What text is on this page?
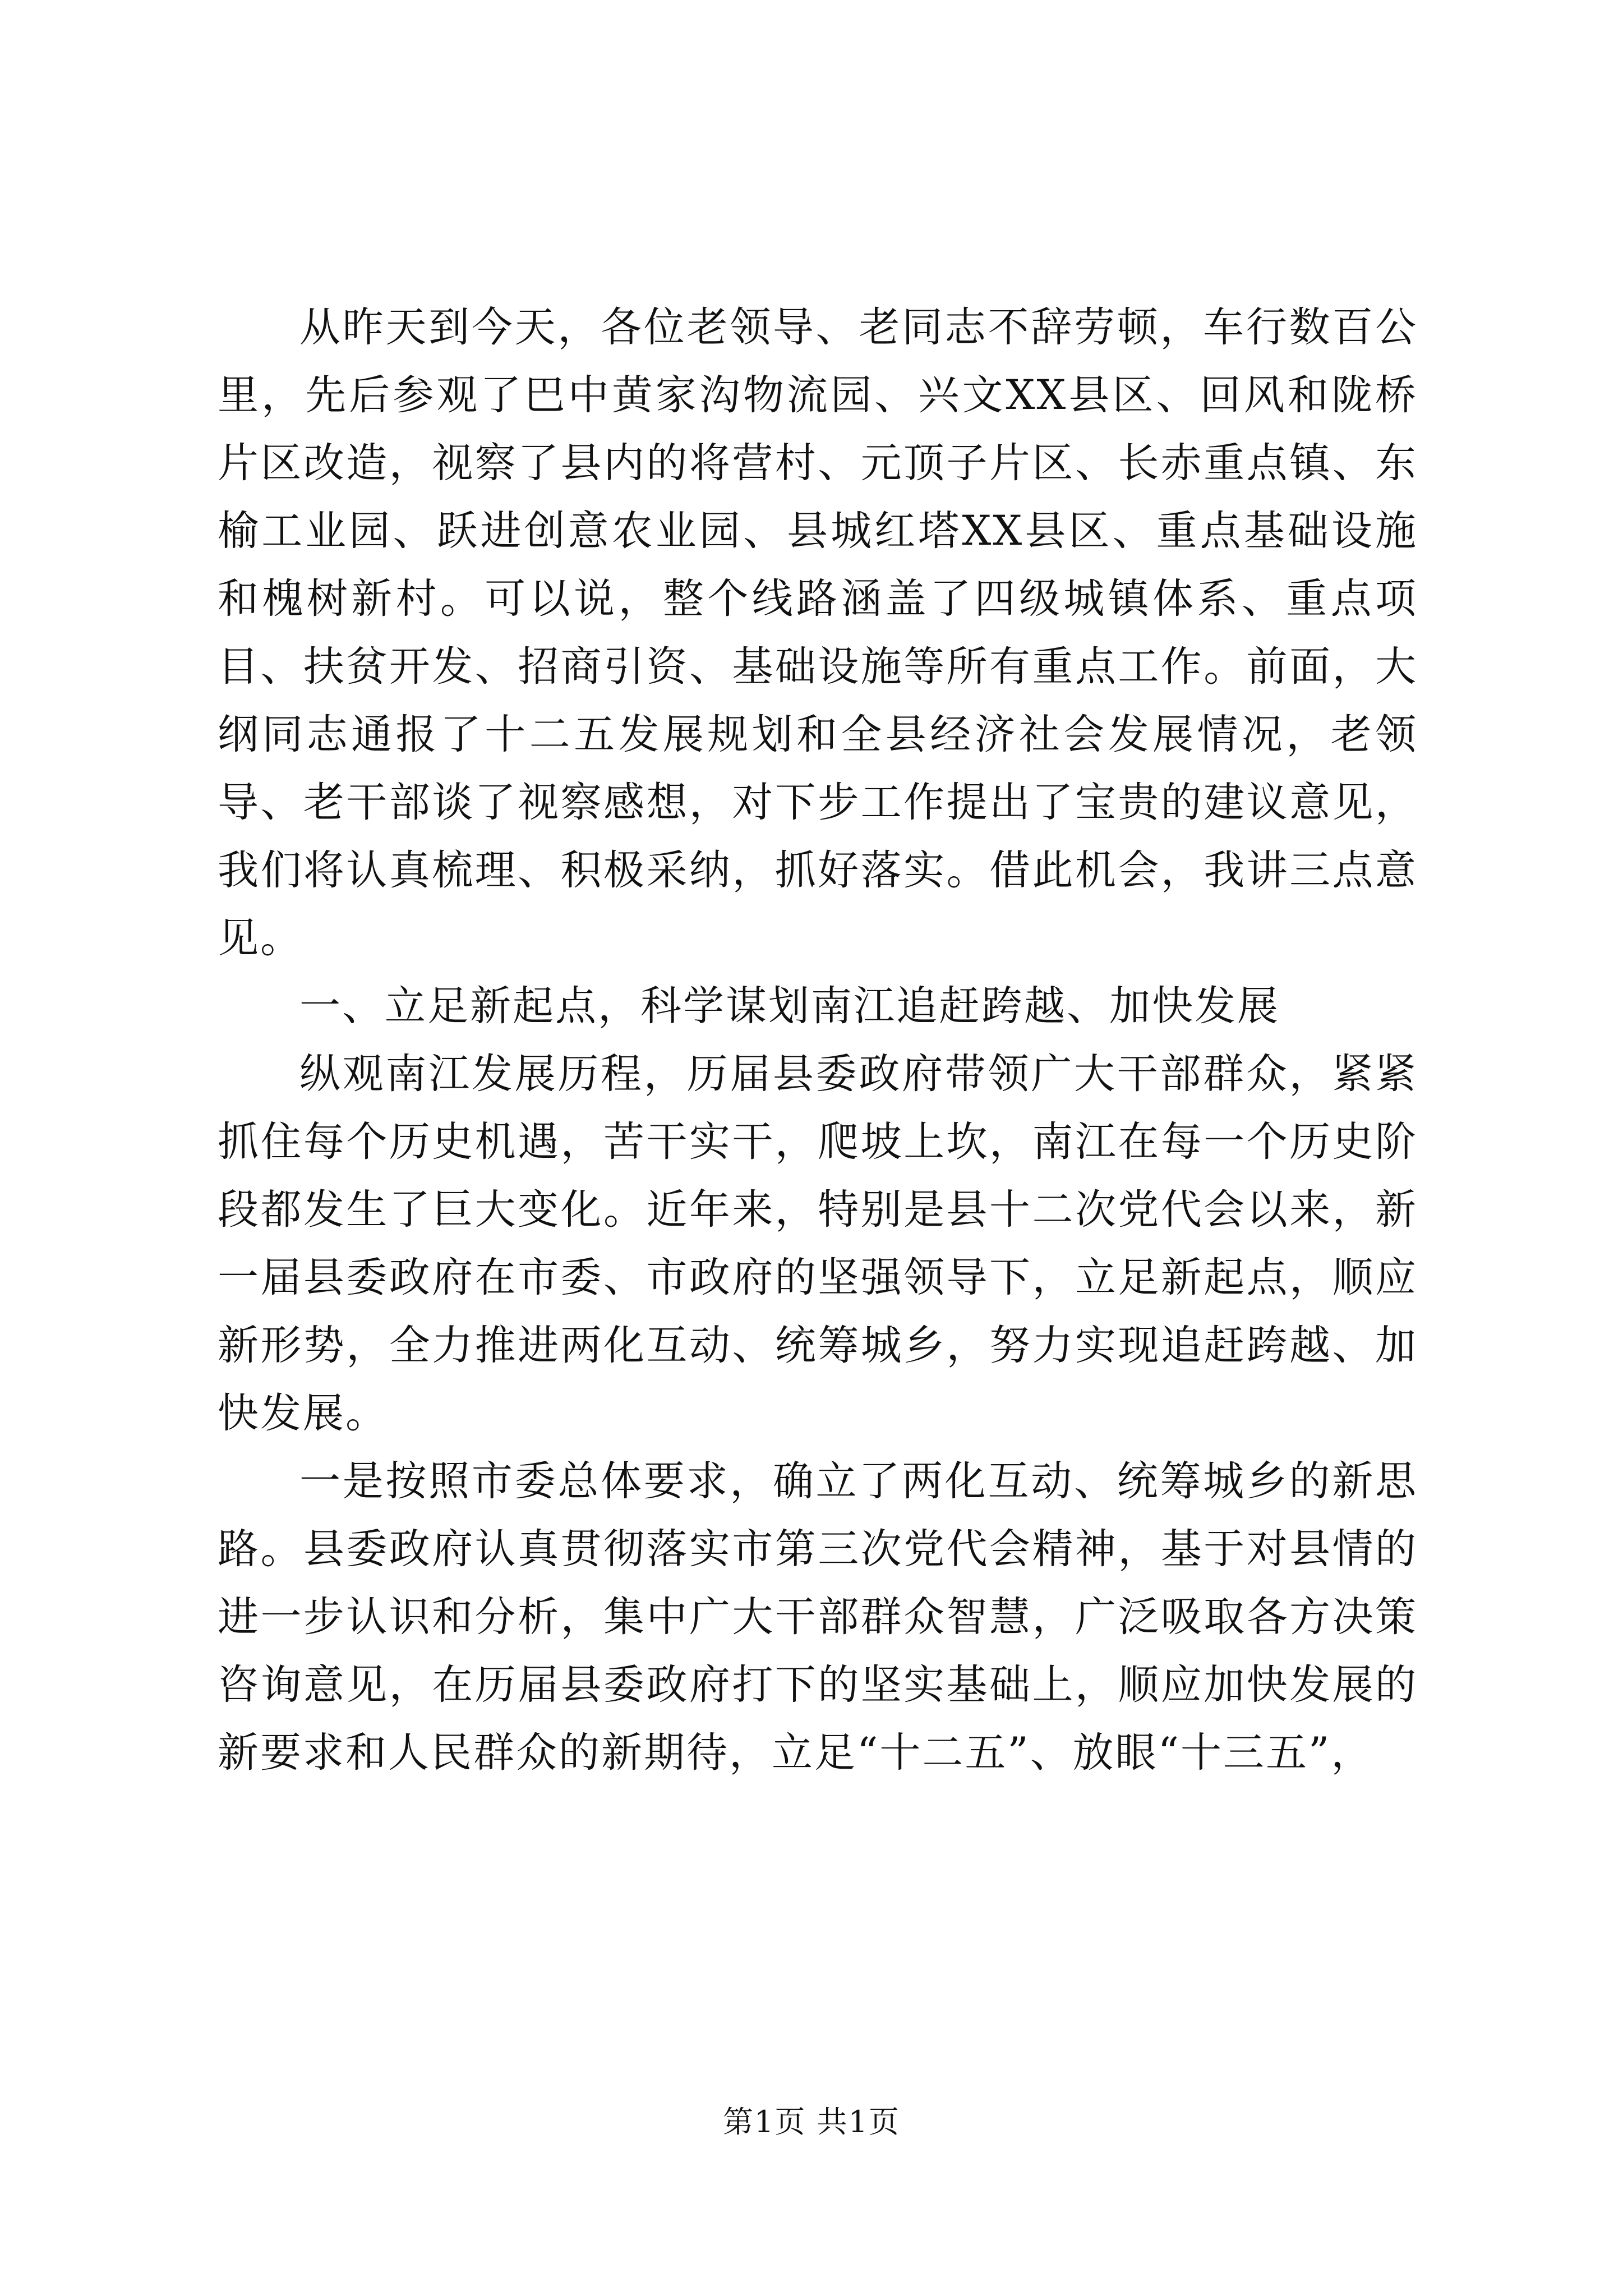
从昨天到今天，各位老领导、老同志不辞劳顿，车行数百公里，先后参观了巴中黄家沟物流园、兴文XX县区、回风和陇桥片区改造，视察了县内的将营村、元顶子片区、长赤重点镇、东榆工业园、跃进创意农业园、县城红塔XX县区、重点基础设施和槐树新村。可以说，整个线路涵盖了四级城镇体系、重点项目、扶贫开发、招商引资、基础设施等所有重点工作。前面，大纲同志通报了十二五发展规划和全县经济社会发展情况，老领导、老干部谈了视察感想，对下步工作提出了宝贵的建议意见，我们将认真梳理、积极采纳，抓好落实。借此机会，我讲三点意见。

一、立足新起点，科学谋划南江追赶跨越、加快发展

纵观南江发展历程，历届县委政府带领广大干部群众，紧紧抓住每个历史机遇，苦干实干，爬坡上坎，南江在每一个历史阶段都发生了巨大变化。近年来，特别是县十二次党代会以来，新一届县委政府在市委、市政府的坚强领导下，立足新起点，顺应新形势，全力推进两化互动、统筹城乡，努力实现追赶跨越、加快发展。

一是按照市委总体要求，确立了两化互动、统筹城乡的新思路。县委政府认真贯彻落实市第三次党代会精神，基于对县情的进一步认识和分析，集中广大干部群众智慧，广泛吸取各方决策咨询意见，在历届县委政府打下的坚实基础上，顺应加快发展的新要求和人民群众的新期待，立足“十二五”、放眼“十三五”，

第1页 共1页
